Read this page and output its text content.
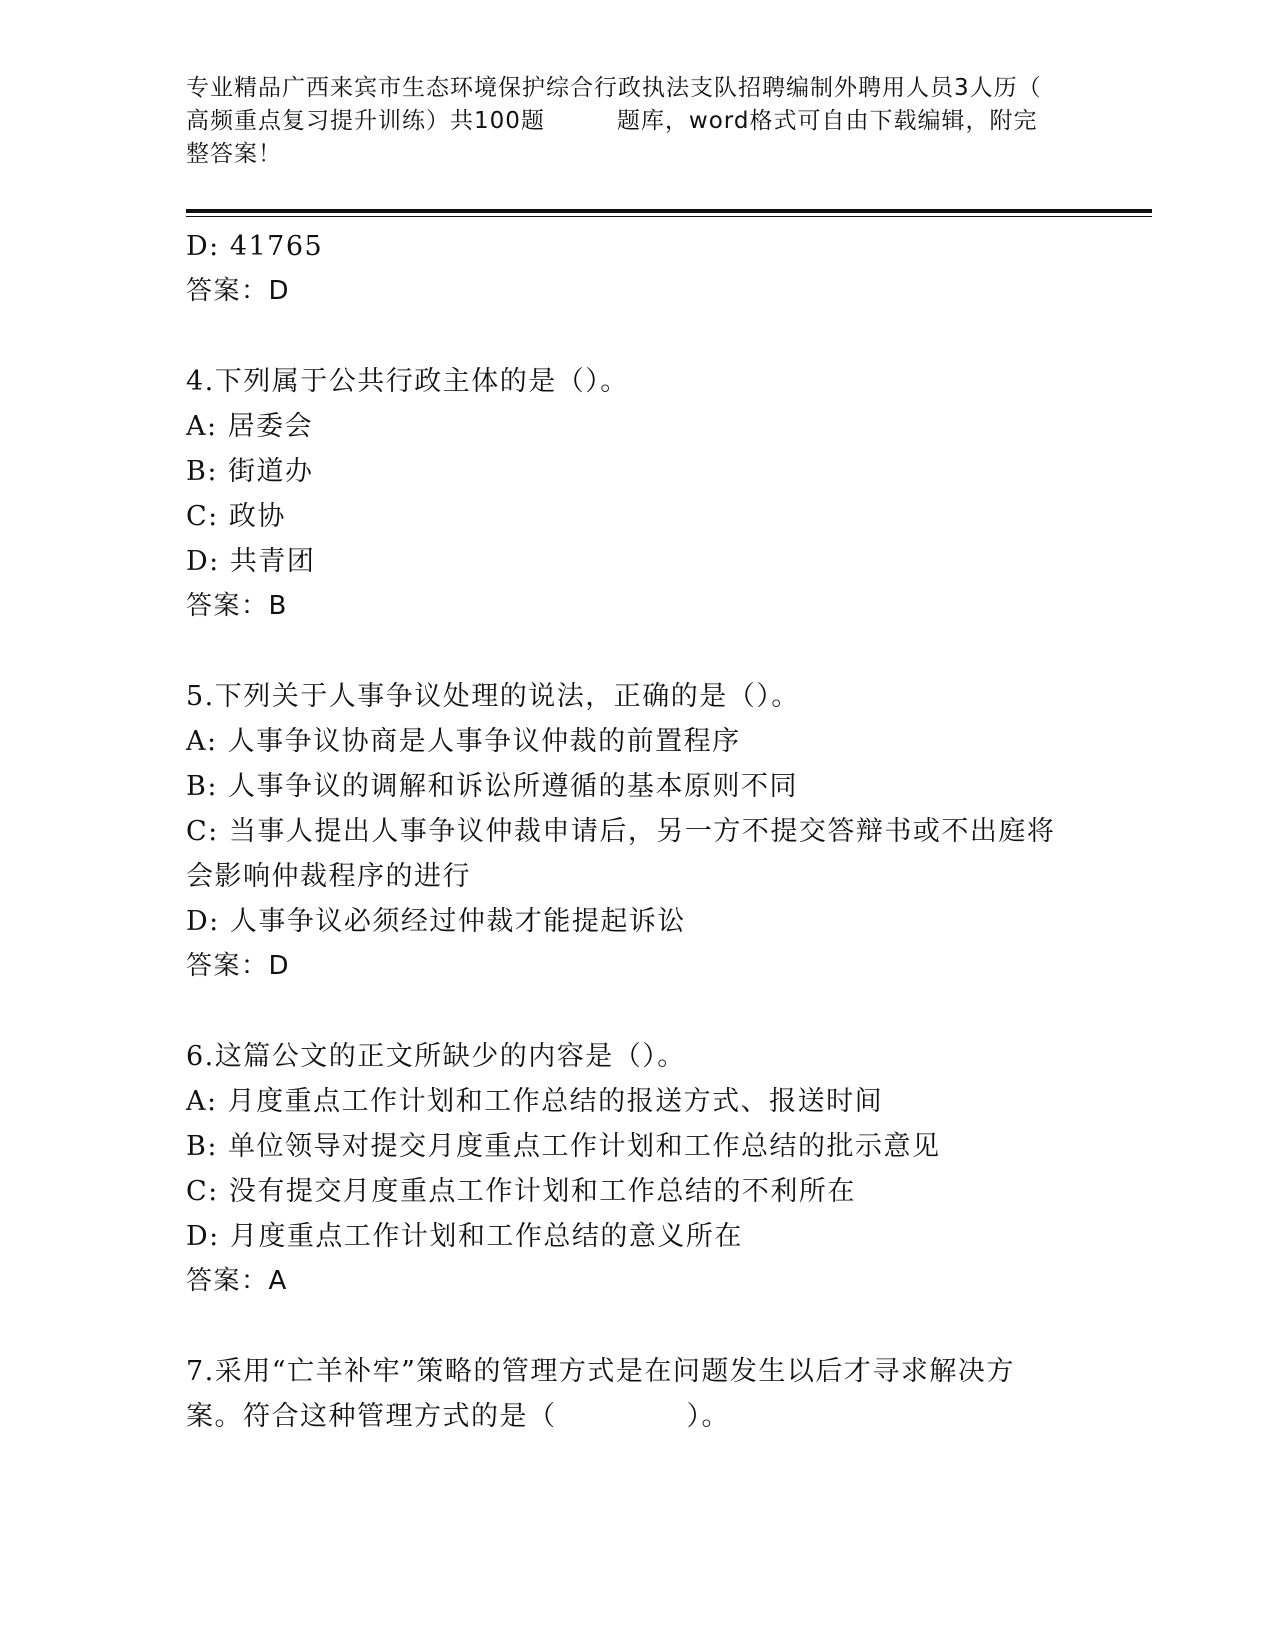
专业精品广西来宾市生态环境保护综合行政执法支队招聘编制外聘用人员3人历（
高频重点复习提升训练）共100题	题库，word格式可自由下载编辑，附完
整答案！
D: 41765
答案：D
4.下列属于公共行政主体的是（）。
A: 居委会
B: 街道办
C: 政协
D: 共青团
答案：B
5.下列关于人事争议处理的说法，正确的是（）。
A: 人事争议协商是人事争议仲裁的前置程序
B: 人事争议的调解和诉讼所遵循的基本原则不同
C: 当事人提出人事争议仲裁申请后，另一方不提交答辩书或不出庭将
会影响仲裁程序的进行
D: 人事争议必须经过仲裁才能提起诉讼
答案：D
6.这篇公文的正文所缺少的内容是（）。
A: 月度重点工作计划和工作总结的报送方式、报送时间
B: 单位领导对提交月度重点工作计划和工作总结的批示意见
C: 没有提交月度重点工作计划和工作总结的不利所在
D: 月度重点工作计划和工作总结的意义所在
答案：A
7.采用“亡羊补牢”策略的管理方式是在问题发生以后才寻求解决方
案。符合这种管理方式的是（	）。
